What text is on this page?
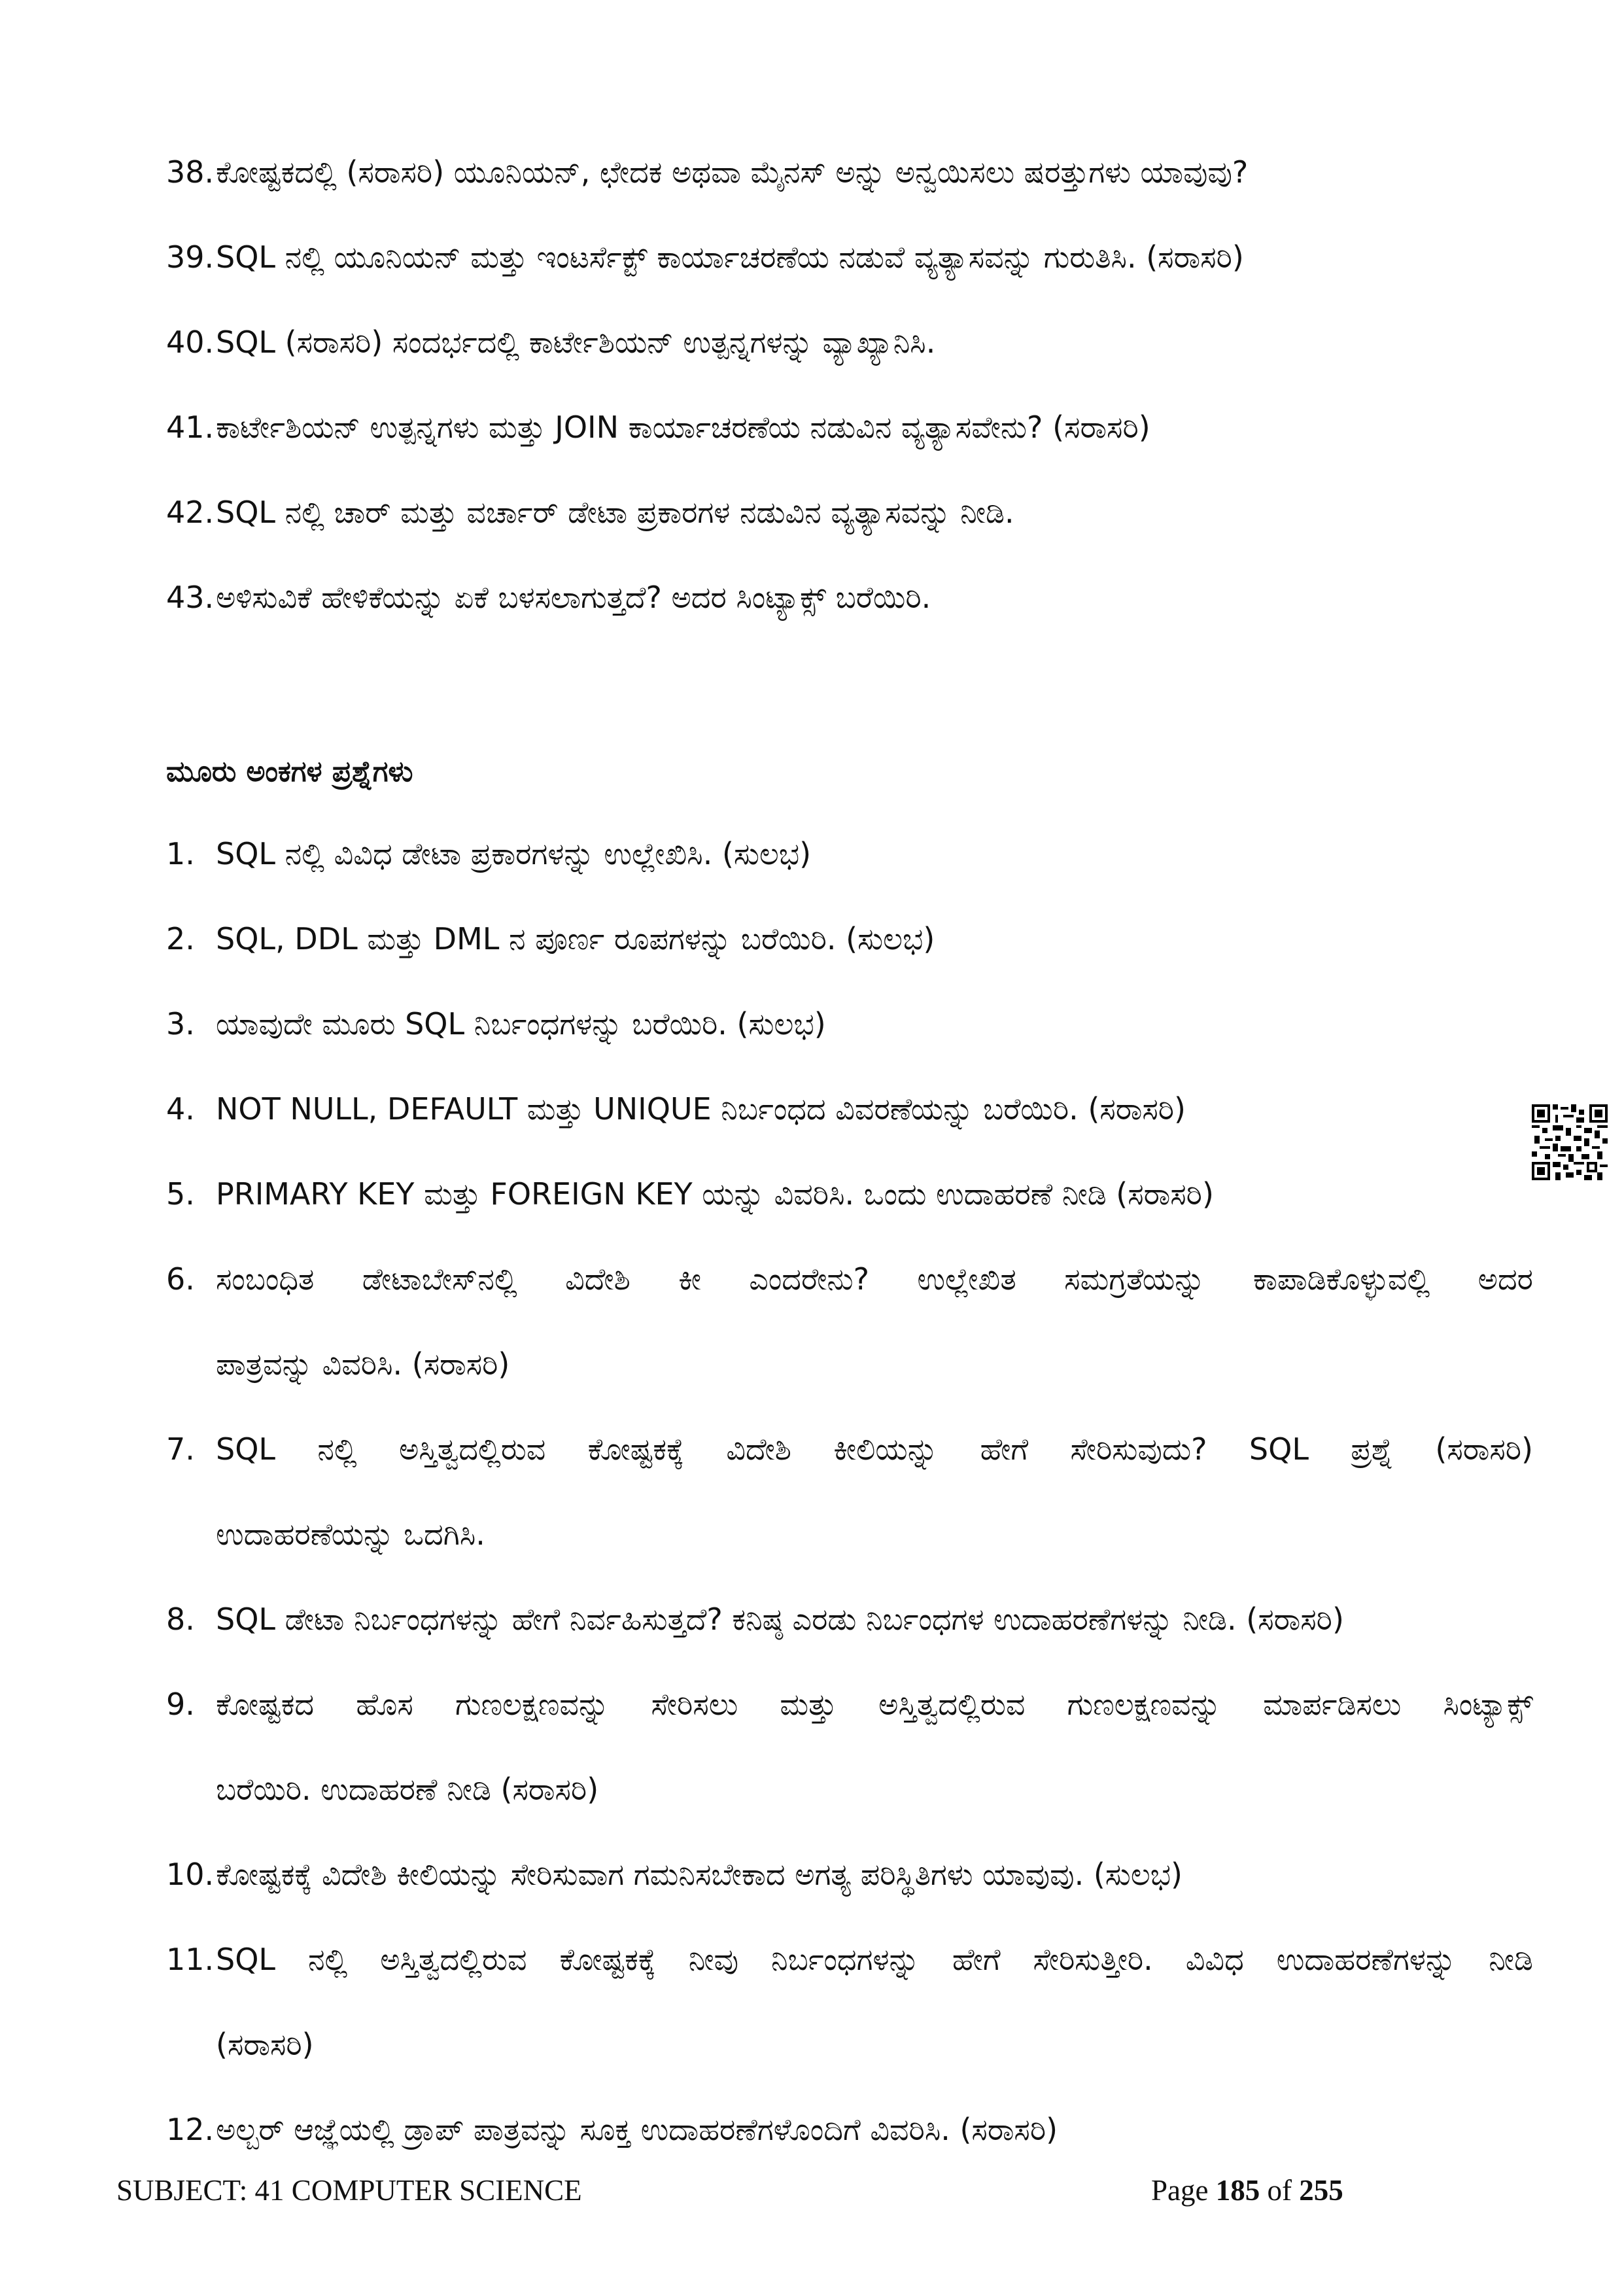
38.ಕೋಷ್ಟಕದಲ್ಲಿ (ಸರಾಸರಿ) ಯೂನಿಯನ್, ಛೇದಕ ಅಥವಾ ಮೈನಸ್ ಅನ್ನು ಅನ್ವಯಿಸಲು ಷರತ್ತುಗಳು ಯಾವುವು?
39.SQL ನಲ್ಲಿ ಯೂನಿಯನ್ ಮತ್ತು ಇಂಟರ್ಸೆಕ್ಟ್ ಕಾರ್ಯಾಚರಣೆಯ ನಡುವೆ ವ್ಯತ್ಯಾಸವನ್ನು ಗುರುತಿಸಿ. (ಸರಾಸರಿ)
40.SQL (ಸರಾಸರಿ) ಸಂದರ್ಭದಲ್ಲಿ ಕಾರ್ಟೇಶಿಯನ್ ಉತ್ಪನ್ನಗಳನ್ನು ವ್ಯಾಖ್ಯಾನಿಸಿ.
41.ಕಾರ್ಟೇಶಿಯನ್ ಉತ್ಪನ್ನಗಳು ಮತ್ತು JOIN ಕಾರ್ಯಾಚರಣೆಯ ನಡುವಿನ ವ್ಯತ್ಯಾಸವೇನು? (ಸರಾಸರಿ)
42.SQL ನಲ್ಲಿ ಚಾರ್ ಮತ್ತು ವರ್ಚಾರ್ ಡೇಟಾ ಪ್ರಕಾರಗಳ ನಡುವಿನ ವ್ಯತ್ಯಾಸವನ್ನು ನೀಡಿ.
43.ಅಳಿಸುವಿಕೆ ಹೇಳಿಕೆಯನ್ನು ಏಕೆ ಬಳಸಲಾಗುತ್ತದೆ? ಅದರ ಸಿಂಟ್ಯಾಕ್ಸ್ ಬರೆಯಿರಿ.
ಮೂರು ಅಂಕಗಳ ಪ್ರಶ್ನೆಗಳು
1. SQL ನಲ್ಲಿ ವಿವಿಧ ಡೇಟಾ ಪ್ರಕಾರಗಳನ್ನು ಉಲ್ಲೇಖಿಸಿ. (ಸುಲಭ)
2. SQL, DDL ಮತ್ತು DML ನ ಪೂರ್ಣ ರೂಪಗಳನ್ನು ಬರೆಯಿರಿ. (ಸುಲಭ)
3. ಯಾವುದೇ ಮೂರು SQL ನಿರ್ಬಂಧಗಳನ್ನು ಬರೆಯಿರಿ. (ಸುಲಭ)
4. NOT NULL, DEFAULT ಮತ್ತು UNIQUE ನಿರ್ಬಂಧದ ವಿವರಣೆಯನ್ನು ಬರೆಯಿರಿ. (ಸರಾಸರಿ)
5. PRIMARY KEY ಮತ್ತು FOREIGN KEY ಯನ್ನು ವಿವರಿಸಿ. ಒಂದು ಉದಾಹರಣೆ ನೀಡಿ (ಸರಾಸರಿ)
6. ಸಂಬಂಧಿತ ಡೇಟಾಬೇಸ್‌ನಲ್ಲಿ ವಿದೇಶಿ ಕೀ ಎಂದರೇನು? ಉಲ್ಲೇಖಿತ ಸಮಗ್ರತೆಯನ್ನು ಕಾಪಾಡಿಕೊಳ್ಳುವಲ್ಲಿ ಅದರ
ಪಾತ್ರವನ್ನು ವಿವರಿಸಿ. (ಸರಾಸರಿ)
7. SQL ನಲ್ಲಿ ಅಸ್ತಿತ್ವದಲ್ಲಿರುವ ಕೋಷ್ಟಕಕ್ಕೆ ವಿದೇಶಿ ಕೀಲಿಯನ್ನು ಹೇಗೆ ಸೇರಿಸುವುದು? SQL ಪ್ರಶ್ನೆ (ಸರಾಸರಿ)
ಉದಾಹರಣೆಯನ್ನು ಒದಗಿಸಿ.
8. SQL ಡೇಟಾ ನಿರ್ಬಂಧಗಳನ್ನು ಹೇಗೆ ನಿರ್ವಹಿಸುತ್ತದೆ? ಕನಿಷ್ಠ ಎರಡು ನಿರ್ಬಂಧಗಳ ಉದಾಹರಣೆಗಳನ್ನು ನೀಡಿ. (ಸರಾಸರಿ)
9. ಕೋಷ್ಟಕದ ಹೊಸ ಗುಣಲಕ್ಷಣವನ್ನು ಸೇರಿಸಲು ಮತ್ತು ಅಸ್ತಿತ್ವದಲ್ಲಿರುವ ಗುಣಲಕ್ಷಣವನ್ನು ಮಾರ್ಪಡಿಸಲು ಸಿಂಟ್ಯಾಕ್ಸ್
ಬರೆಯಿರಿ. ಉದಾಹರಣೆ ನೀಡಿ (ಸರಾಸರಿ)
10.ಕೋಷ್ಟಕಕ್ಕೆ ವಿದೇಶಿ ಕೀಲಿಯನ್ನು ಸೇರಿಸುವಾಗ ಗಮನಿಸಬೇಕಾದ ಅಗತ್ಯ ಪರಿಸ್ಥಿತಿಗಳು ಯಾವುವು. (ಸುಲಭ)
11. SQL ನಲ್ಲಿ ಅಸ್ತಿತ್ವದಲ್ಲಿರುವ ಕೋಷ್ಟಕಕ್ಕೆ ನೀವು ನಿರ್ಬಂಧಗಳನ್ನು ಹೇಗೆ ಸೇರಿಸುತ್ತೀರಿ. ವಿವಿಧ ಉದಾಹರಣೆಗಳನ್ನು ನೀಡಿ
(ಸರಾಸರಿ)
12.ಅಲ್ಬರ್ ಆಜ್ಞೆಯಲ್ಲಿ ಡ್ರಾಪ್ ಪಾತ್ರವನ್ನು ಸೂಕ್ತ ಉದಾಹರಣೆಗಳೊಂದಿಗೆ ವಿವರಿಸಿ. (ಸರಾಸರಿ)
SUBJECT: 41 COMPUTER SCIENCE	Page 185 of 255
